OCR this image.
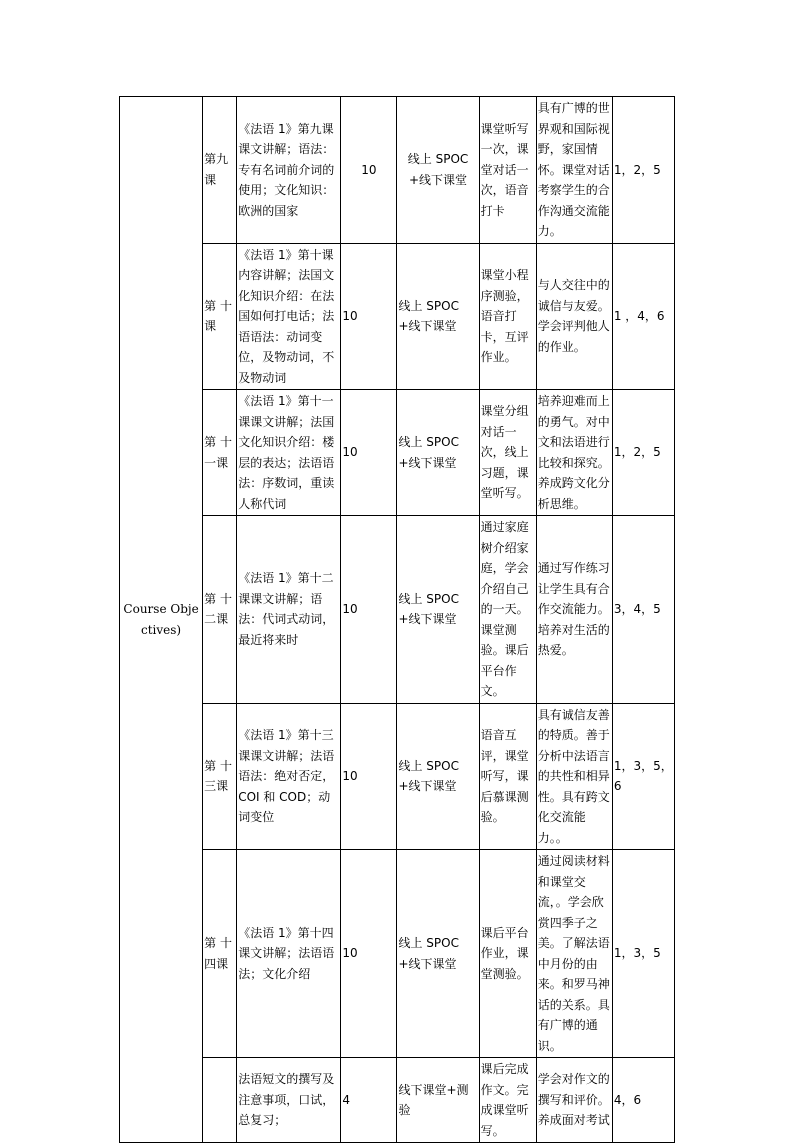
Course Objectives)	第九课	《法语 1》第九课课文讲解；语法：专有名词前介词的使用；文化知识：欧洲的国家	10	线上 SPOC+线下课堂	课堂听写一次，课堂对话一次，语音打卡	具有广博的世界观和国际视野，家国情怀。课堂对话考察学生的合作沟通交流能力。	1，2，5
	第 十课	《法语 1》第十课内容讲解；法国文化知识介绍：在法国如何打电话；法语语法：动词变位，及物动词，不及物动词	10	线上 SPOC+线下课堂	课堂小程序测验，语音打卡，互评作业。	与人交往中的诚信与友爱。学会评判他人的作业。	1 ，4，6
	第 十一课	《法语 1》第十一课课文讲解；法国文化知识介绍：楼层的表达；法语语法：序数词，重读人称代词	10	线上 SPOC+线下课堂	课堂分组对话一次，线上习题，课堂听写。	培养迎难而上的勇气。对中文和法语进行比较和探究。养成跨文化分析思维。	1，2，5
	第 十二课	《法语 1》第十二课课文讲解；语法：代词式动词，最近将来时	10	线上 SPOC+线下课堂	通过家庭树介绍家庭，学会介绍自己的一天。课堂测验。课后平台作文。	通过写作练习让学生具有合作交流能力。培养对生活的热爱。	3，4，5
	第 十三课	《法语 1》第十三课课文讲解；法语语法：绝对否定，COI 和 COD；动词变位	10	线上 SPOC+线下课堂	语音互评，课堂听写，课后慕课测验。	具有诚信友善的特质。善于分析中法语言的共性和相异性。具有跨文化交流能力。。	1，3，5，6
	第 十四课	《法语 1》第十四课文讲解；法语语法；文化介绍	10	线上 SPOC+线下课堂	课后平台作业，课堂测验。	通过阅读材料和课堂交流，。学会欣赏四季子之美。了解法语中月份的由来。和罗马神话的关系。具有广博的通识。	1，3，5
		法语短文的撰写及注意事项，口试，总复习；	4	线下课堂+测验	课后完成作文。完成课堂听写。	学会对作文的撰写和评价。养成面对考试	4，6
